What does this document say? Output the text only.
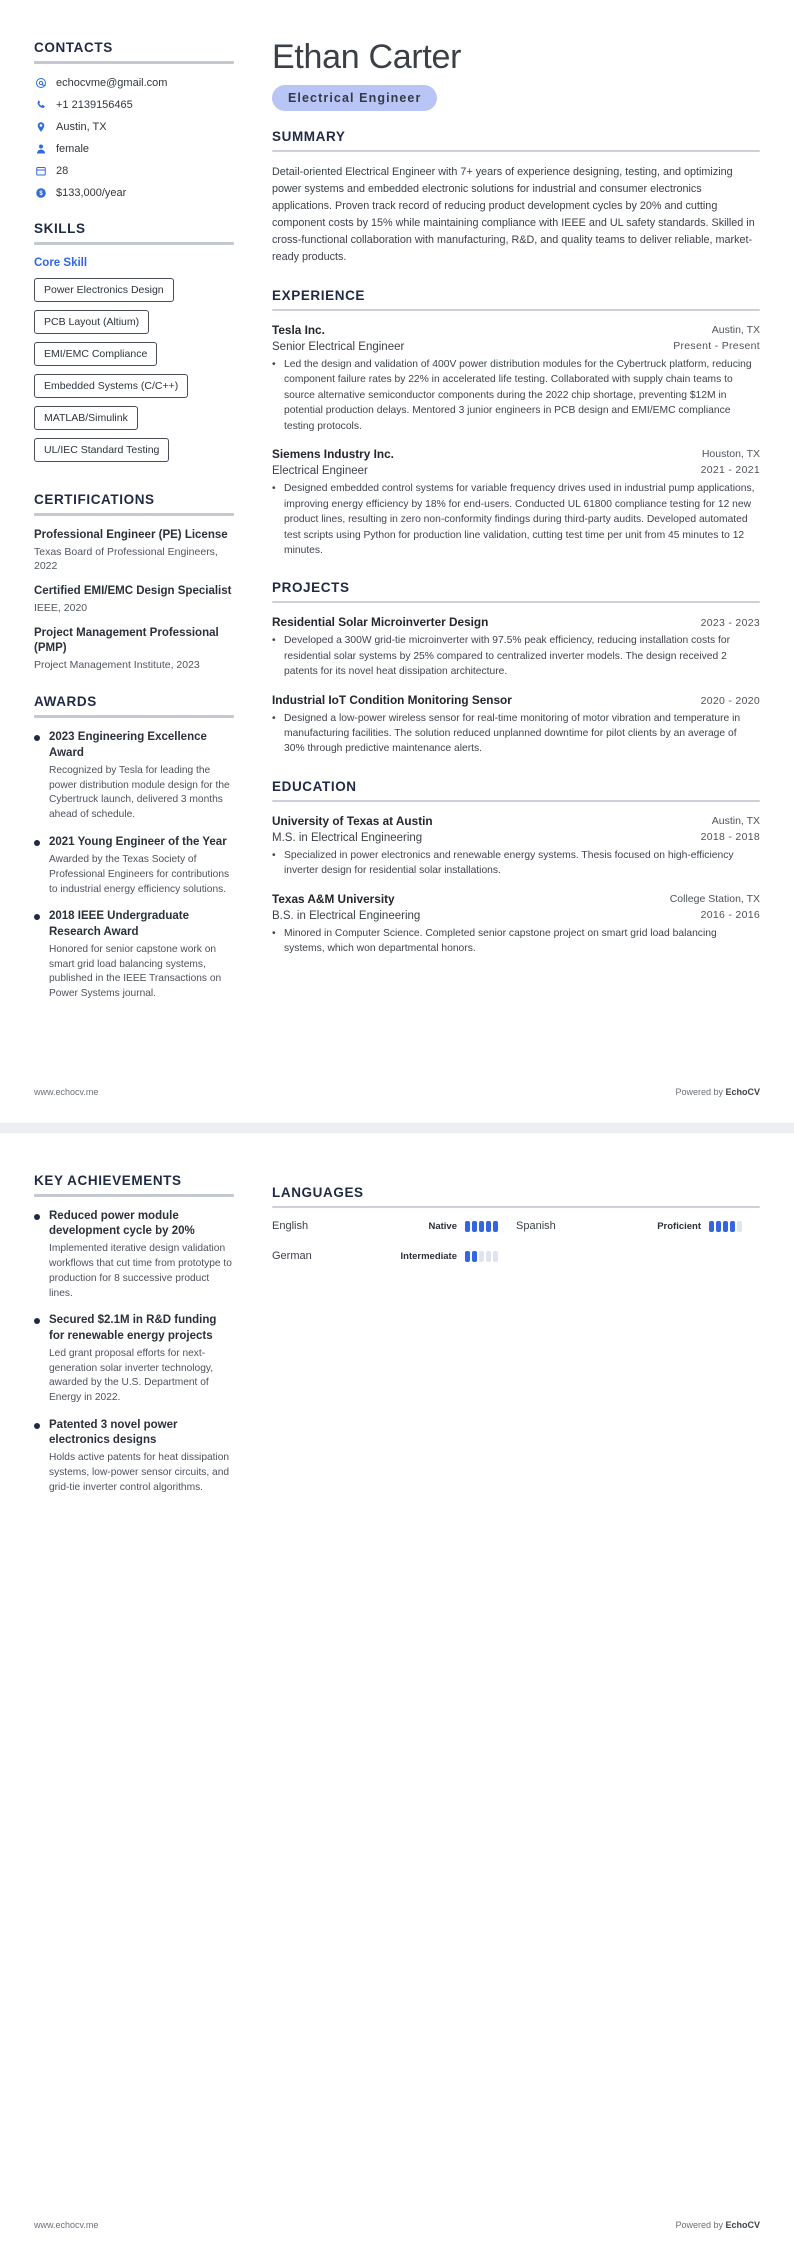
CONTACTS
echocvme@gmail.com
+1 2139156465
Austin, TX
female
28
$ $133,000/year
SKILLS
Core Skill
Power Electronics Design
PCB Layout (Altium)
EMI/EMC Compliance
Embedded Systems (C/C++)
MATLAB/Simulink
UL/IEC Standard Testing
CERTIFICATIONS
Professional Engineer (PE) License
Texas Board of Professional Engineers, 2022
Certified EMI/EMC Design Specialist
IEEE, 2020
Project Management Professional (PMP)
Project Management Institute, 2023
AWARDS
2023 Engineering Excellence Award
Recognized by Tesla for leading the power distribution module design for the Cybertruck launch, delivered 3 months ahead of schedule.
2021 Young Engineer of the Year
Awarded by the Texas Society of Professional Engineers for contributions to industrial energy efficiency solutions.
2018 IEEE Undergraduate Research Award
Honored for senior capstone work on smart grid load balancing systems, published in the IEEE Transactions on Power Systems journal.
Ethan Carter
Electrical Engineer
SUMMARY
Detail-oriented Electrical Engineer with 7+ years of experience designing, testing, and optimizing power systems and embedded electronic solutions for industrial and consumer electronics applications. Proven track record of reducing product development cycles by 20% and cutting component costs by 15% while maintaining compliance with IEEE and UL safety standards. Skilled in cross-functional collaboration with manufacturing, R&D, and quality teams to deliver reliable, market-ready products.
EXPERIENCE
Tesla Inc.	Austin, TX
Senior Electrical Engineer	Present - Present
• Led the design and validation of 400V power distribution modules for the Cybertruck platform, reducing component failure rates by 22% in accelerated life testing. Collaborated with supply chain teams to source alternative semiconductor components during the 2022 chip shortage, preventing $12M in potential production delays. Mentored 3 junior engineers in PCB design and EMI/EMC compliance testing protocols.
Siemens Industry Inc.	Houston, TX
Electrical Engineer	2021 - 2021
• Designed embedded control systems for variable frequency drives used in industrial pump applications, improving energy efficiency by 18% for end-users. Conducted UL 61800 compliance testing for 12 new product lines, resulting in zero non-conformity findings during third-party audits. Developed automated test scripts using Python for production line validation, cutting test time per unit from 45 minutes to 12 minutes.
PROJECTS
Residential Solar Microinverter Design	2023 - 2023
• Developed a 300W grid-tie microinverter with 97.5% peak efficiency, reducing installation costs for residential solar systems by 25% compared to centralized inverter models. The design received 2 patents for its novel heat dissipation architecture.
Industrial IoT Condition Monitoring Sensor	2020 - 2020
• Designed a low-power wireless sensor for real-time monitoring of motor vibration and temperature in manufacturing facilities. The solution reduced unplanned downtime for pilot clients by an average of 30% through predictive maintenance alerts.
EDUCATION
University of Texas at Austin	Austin, TX
M.S. in Electrical Engineering	2018 - 2018
• Specialized in power electronics and renewable energy systems. Thesis focused on high-efficiency inverter design for residential solar installations.
Texas A&M University	College Station, TX
B.S. in Electrical Engineering	2016 - 2016
• Minored in Computer Science. Completed senior capstone project on smart grid load balancing systems, which won departmental honors.
www.echocv.me	Powered by EchoCV
KEY ACHIEVEMENTS
Reduced power module development cycle by 20%
Implemented iterative design validation workflows that cut time from prototype to production for 8 successive product lines.
Secured $2.1M in R&D funding for renewable energy projects
Led grant proposal efforts for next-generation solar inverter technology, awarded by the U.S. Department of Energy in 2022.
Patented 3 novel power electronics designs
Holds active patents for heat dissipation systems, low-power sensor circuits, and grid-tie inverter control algorithms.
LANGUAGES
English	Native	Spanish	Proficient
German	Intermediate
www.echocv.me	Powered by EchoCV
